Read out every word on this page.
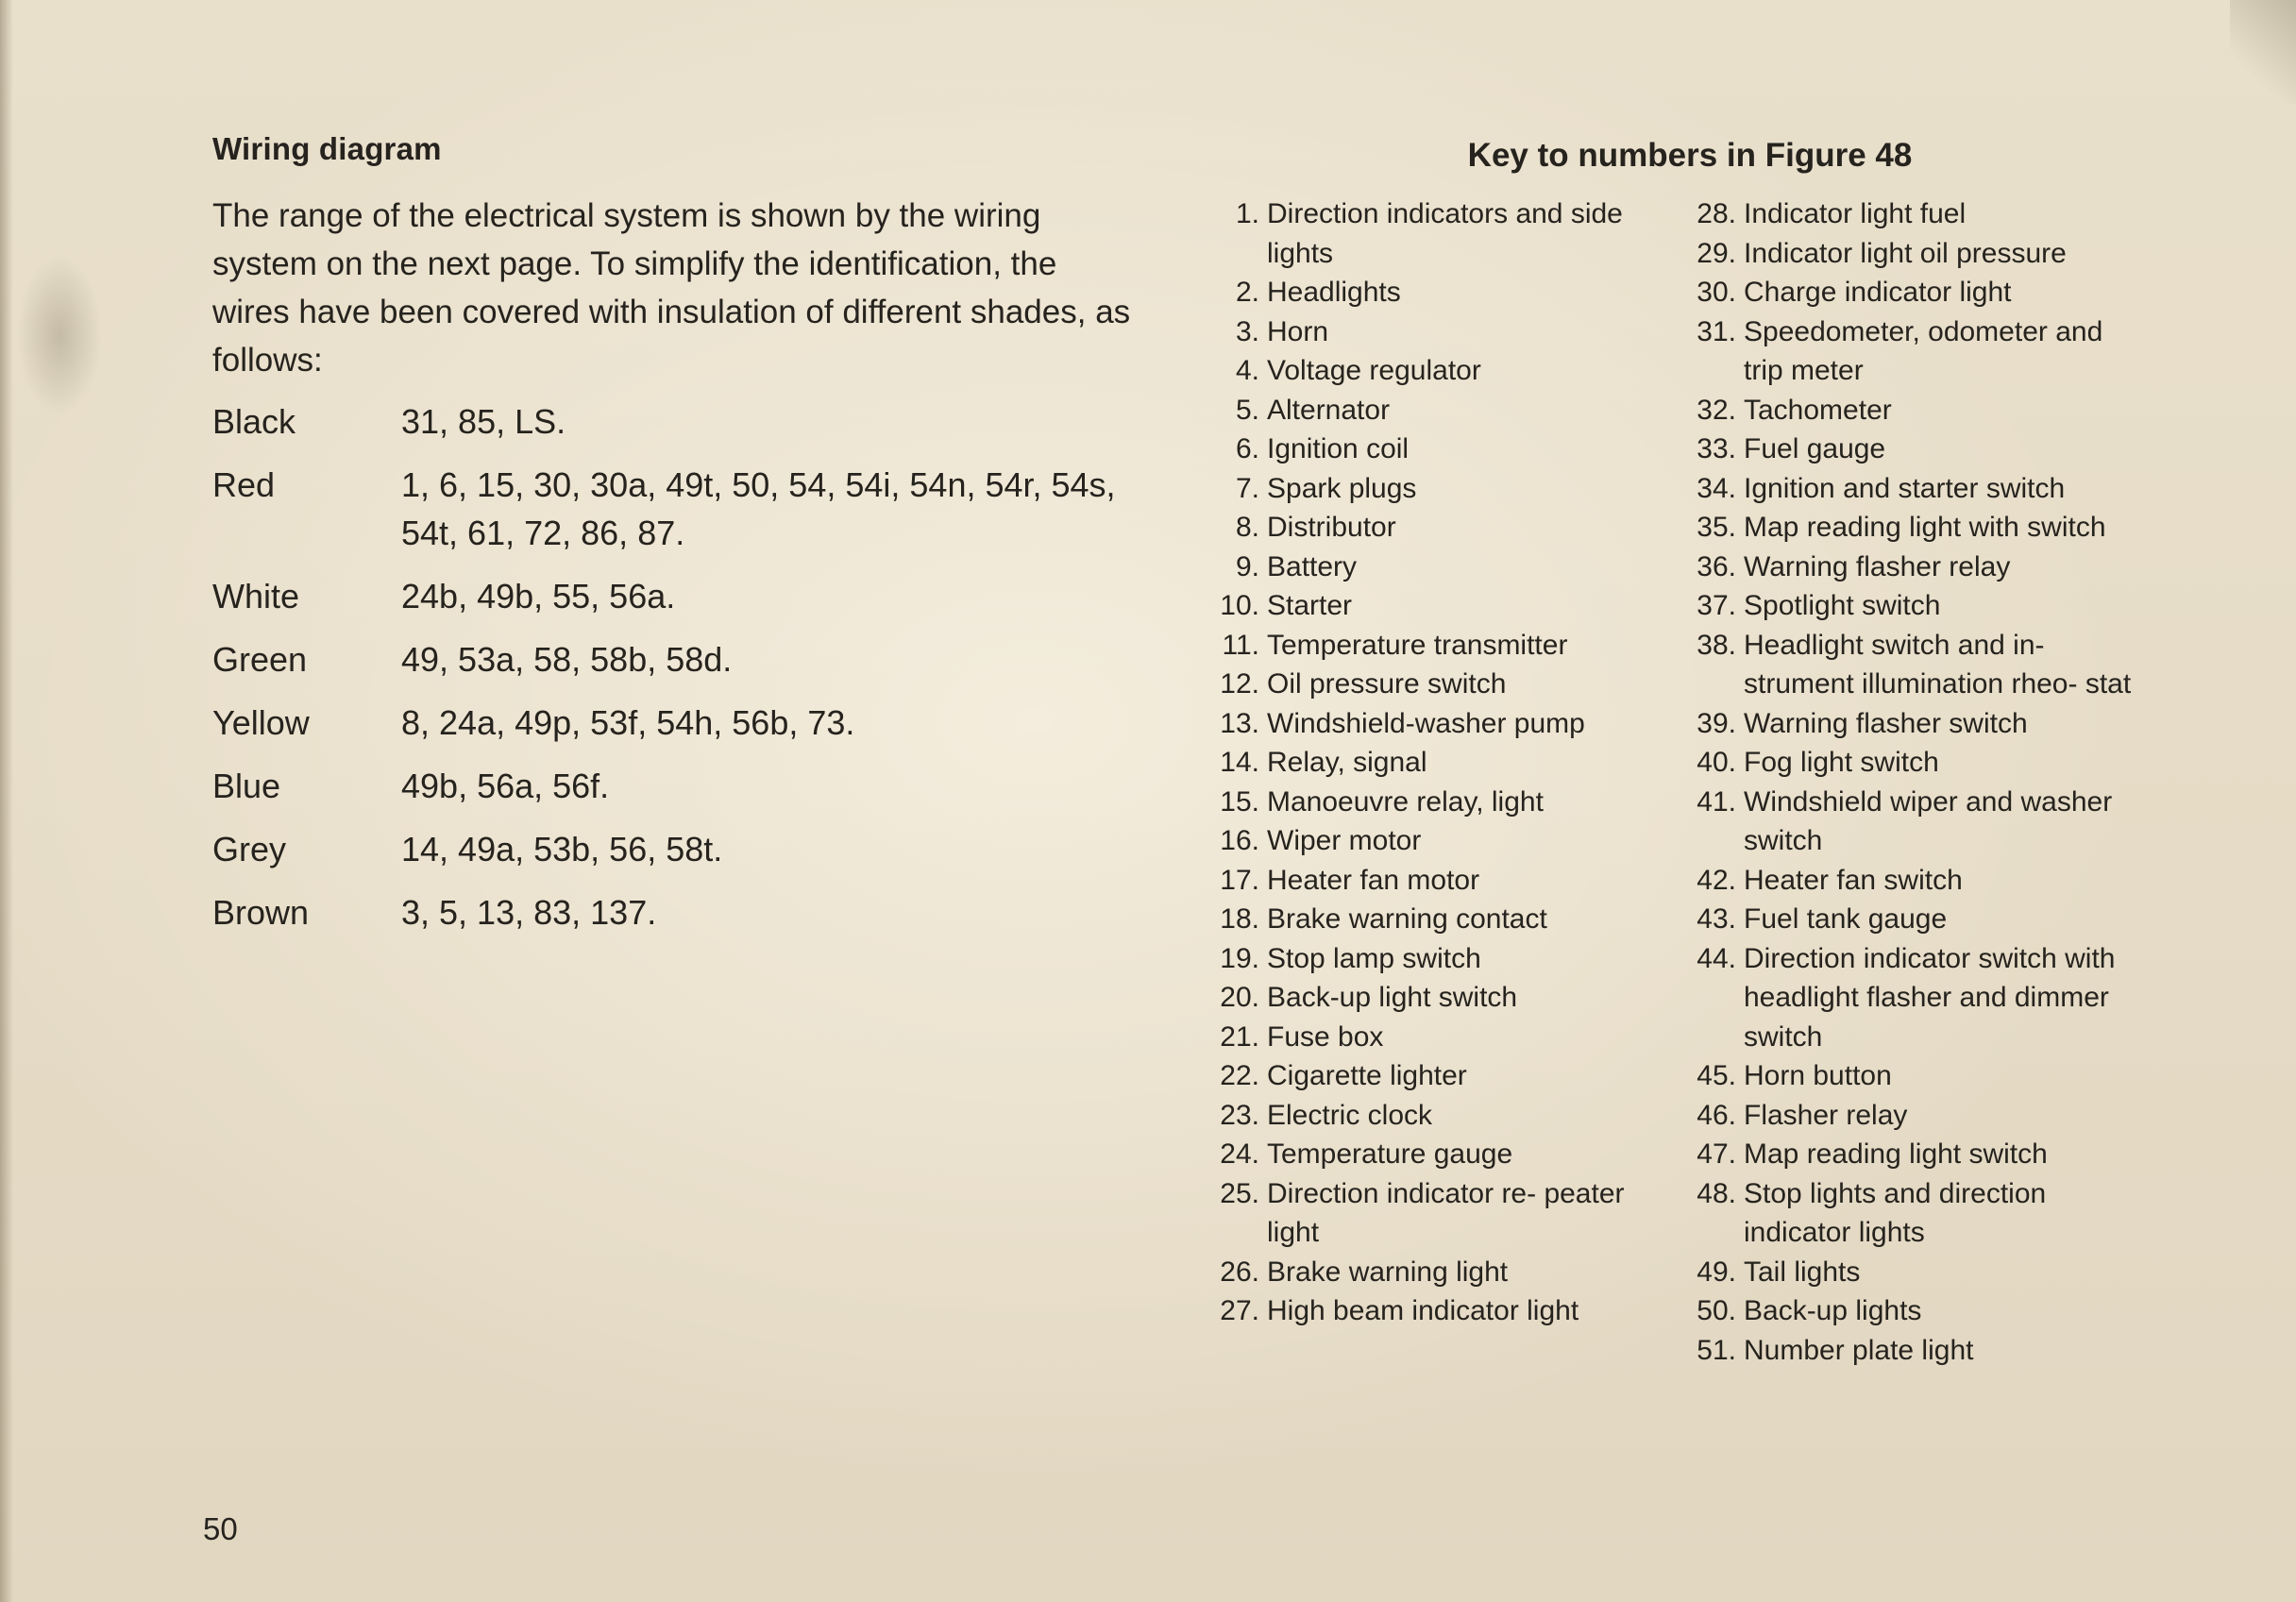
Wiring diagram

The range of the electrical system is shown by the wiring system on the next page. To simplify the identification, the wires have been covered with insulation of different shades, as follows:

Black	31, 85, LS.
Red	1, 6, 15, 30, 30a, 49t, 50, 54, 54i, 54n, 54r, 54s, 54t, 61, 72, 86, 87.
White	24b, 49b, 55, 56a.
Green	49, 53a, 58, 58b, 58d.
Yellow	8, 24a, 49p, 53f, 54h, 56b, 73.
Blue	49b, 56a, 56f.
Grey	14, 49a, 53b, 56, 58t.
Brown	3, 5, 13, 83, 137.
Key to numbers in Figure 48
1. Direction indicators and side lights
2. Headlights
3. Horn
4. Voltage regulator
5. Alternator
6. Ignition coil
7. Spark plugs
8. Distributor
9. Battery
10. Starter
11. Temperature transmitter
12. Oil pressure switch
13. Windshield-washer pump
14. Relay, signal
15. Manoeuvre relay, light
16. Wiper motor
17. Heater fan motor
18. Brake warning contact
19. Stop lamp switch
20. Back-up light switch
21. Fuse box
22. Cigarette lighter
23. Electric clock
24. Temperature gauge
25. Direction indicator re- peater light
26. Brake warning light
27. High beam indicator light
28. Indicator light fuel
29. Indicator light oil pressure
30. Charge indicator light
31. Speedometer, odometer and trip meter
32. Tachometer
33. Fuel gauge
34. Ignition and starter switch
35. Map reading light with switch
36. Warning flasher relay
37. Spotlight switch
38. Headlight switch and in- strument illumination rheo- stat
39. Warning flasher switch
40. Fog light switch
41. Windshield wiper and washer switch
42. Heater fan switch
43. Fuel tank gauge
44. Direction indicator switch with headlight flasher and dimmer switch
45. Horn button
46. Flasher relay
47. Map reading light switch
48. Stop lights and direction indicator lights
49. Tail lights
50. Back-up lights
51. Number plate light
50
